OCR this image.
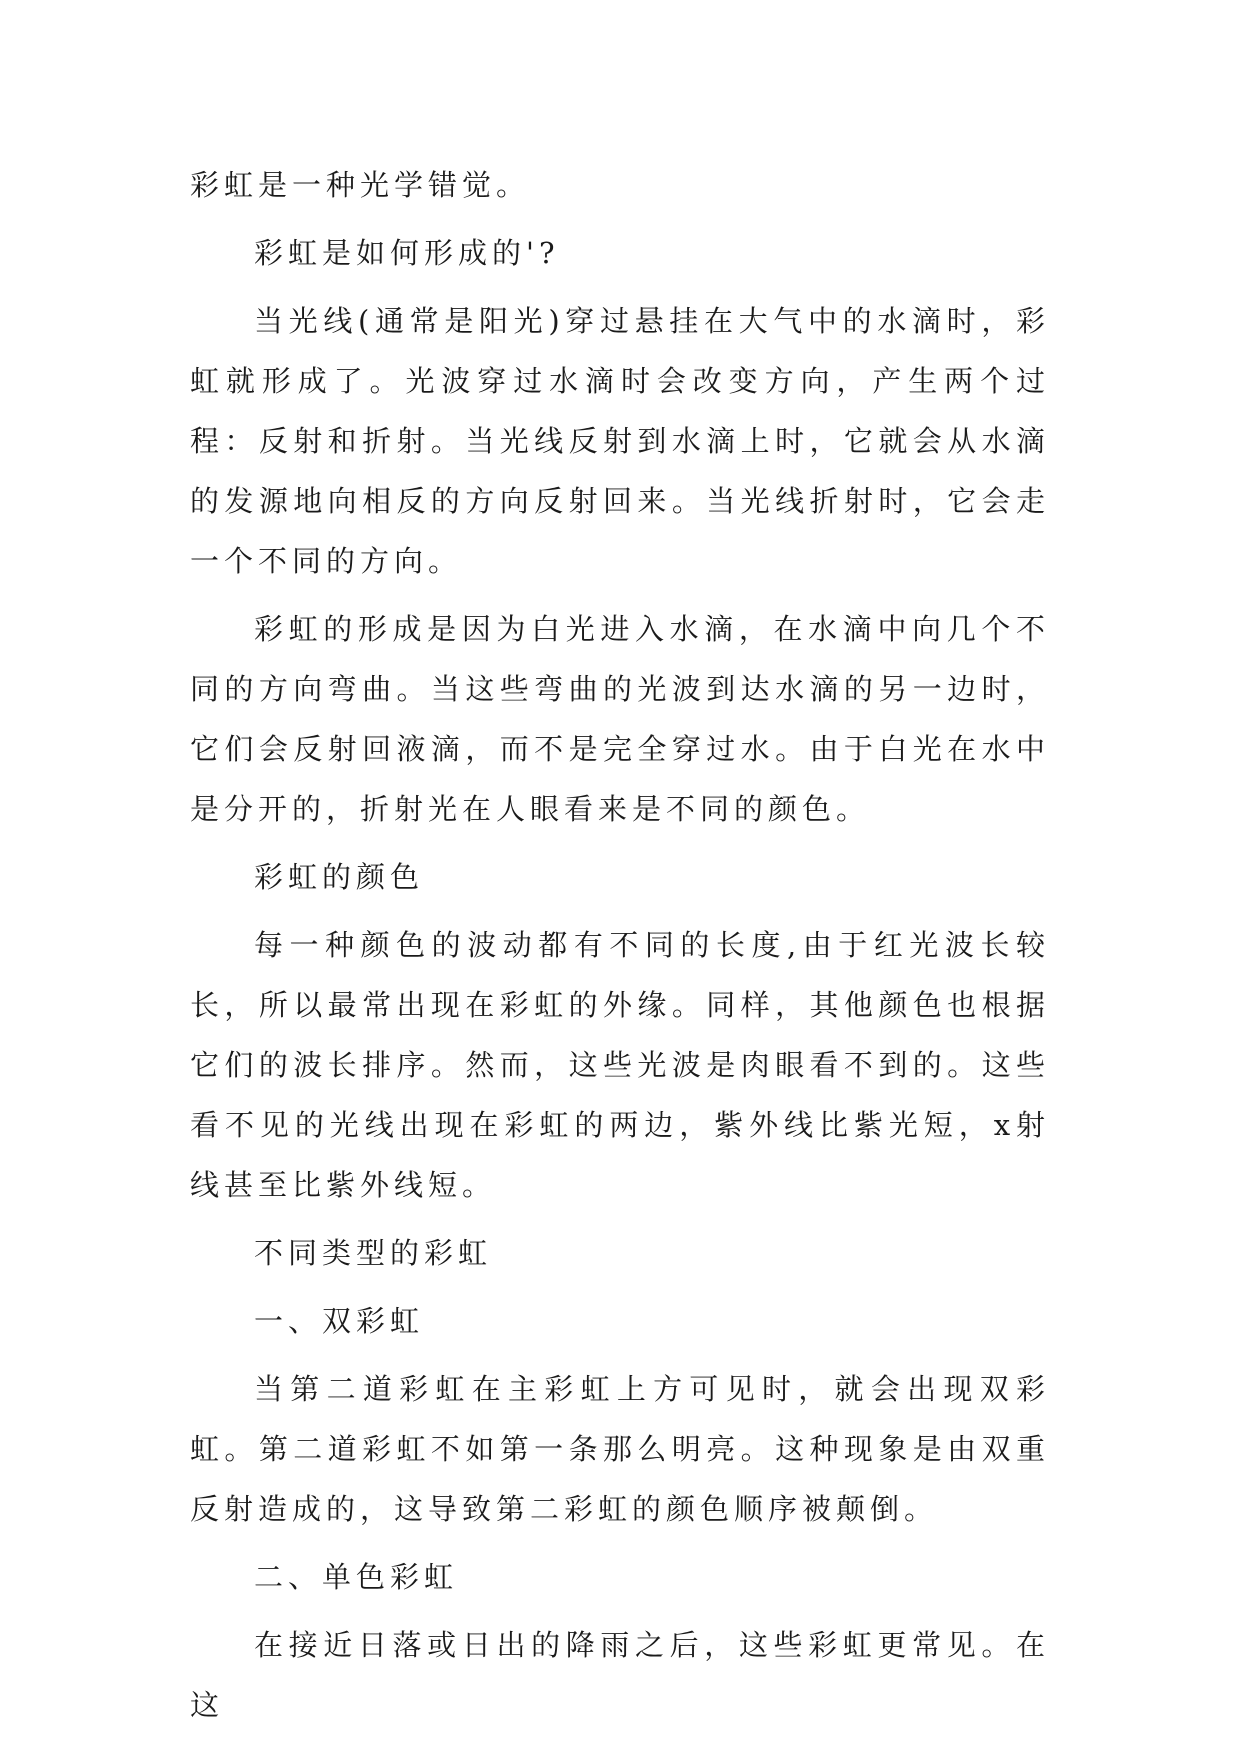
彩虹是一种光学错觉。

彩虹是如何形成的'?

当光线(通常是阳光)穿过悬挂在大气中的水滴时，彩虹就形成了。光波穿过水滴时会改变方向，产生两个过程：反射和折射。当光线反射到水滴上时，它就会从水滴的发源地向相反的方向反射回来。当光线折射时，它会走一个不同的方向。

彩虹的形成是因为白光进入水滴，在水滴中向几个不同的方向弯曲。当这些弯曲的光波到达水滴的另一边时，它们会反射回液滴，而不是完全穿过水。由于白光在水中是分开的，折射光在人眼看来是不同的颜色。

彩虹的颜色

每一种颜色的波动都有不同的长度,由于红光波长较长，所以最常出现在彩虹的外缘。同样，其他颜色也根据它们的波长排序。然而，这些光波是肉眼看不到的。这些看不见的光线出现在彩虹的两边，紫外线比紫光短，x射线甚至比紫外线短。

不同类型的彩虹

一、双彩虹

当第二道彩虹在主彩虹上方可见时，就会出现双彩虹。第二道彩虹不如第一条那么明亮。这种现象是由双重反射造成的，这导致第二彩虹的颜色顺序被颠倒。

二、单色彩虹

在接近日落或日出的降雨之后，这些彩虹更常见。在这
